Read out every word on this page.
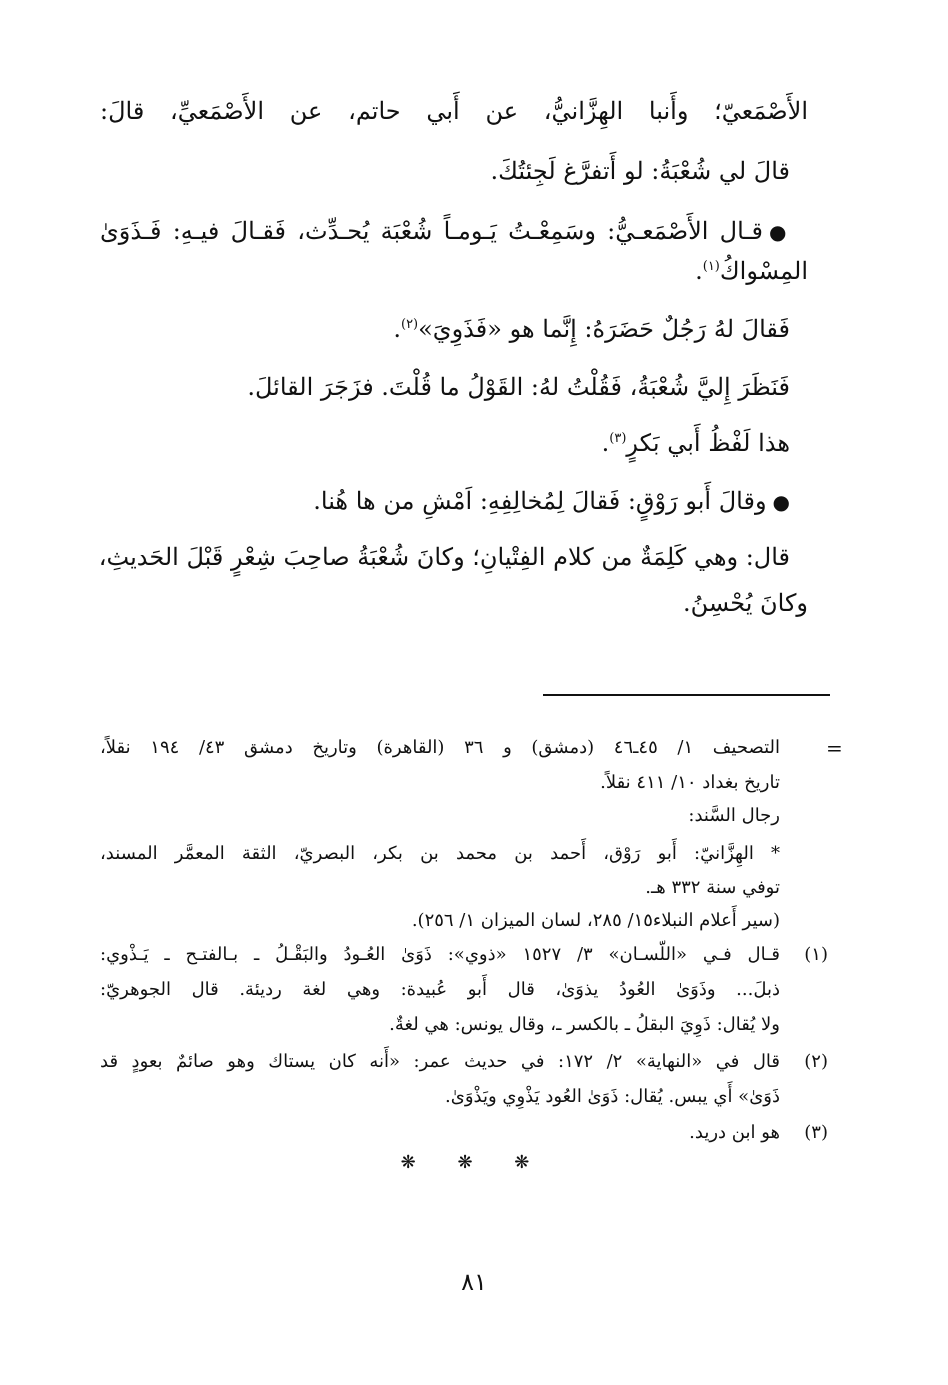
الأَصْمَعيّ؛ وأَنبا الهِزَّانيُّ، عن أَبي حاتم، عن الأَصْمَعيِّ، قالَ:
قالَ لي شُعْبَةُ: لو أَتفرَّغ لَجِئتُكَ.
●قـال الأَصْمَعـيُّ: وسَمِعْـتُ يَـومـاً شُعْبَة يُحـدِّث، فَقـالَ فيـهِ: فَـذَوَىٰ
المِسْواكُ$^{(١)}$.
فَقالَ لهُ رَجُلٌ حَضَرَهُ: إِنَّما هو «فَذَوِيَ»$^{(٢)}$.
فَنَظَرَ إِليَّ شُعْبَةُ، فَقُلْتُ لهُ: القَوْلُ ما قُلْتَ. فزَجَرَ القائلَ.
هذا لَفْظُ أَبي بَكرٍ$^{(٣)}$.
●وقالَ أَبو رَوْقٍ: فَقالَ لِمُخالِفِهِ: اَمْشِ من ها هُنا.
قال: وهي كَلِمَةٌ من كلام الفِتْيانِ؛ وكانَ شُعْبَةُ صاحِبَ شِعْرٍ قَبْلَ الحَديثِ،
وكانَ يُحْسِنُ.
=
التصحيف ١/ ٤٥ـ٤٦ (دمشق) و ٣٦ (القاهرة) وتاريخ دمشق ٤٣/ ١٩٤ نقلاً،
تاريخ بغداد ١٠/ ٤١١ نقلاً.
رجال السَّند:
* الهِزَّانيّ: أَبو رَوْق، أَحمد بن محمد بن بكر، البصريّ، الثقة المعمَّر المسند،
توفي سنة ٣٣٢ هـ.
(سير أَعلام النبلاء١٥/ ٢٨٥، لسان الميزان ١/ ٢٥٦).
(١)
قـال فـي «اللّسـان» ٣/ ١٥٢٧ «ذوي»: ذَوَىٰ العُـودُ والبَقْـلُ ـ بـالفتـح ـ يَـذْوي:
ذبلَ... وذَوَىٰ العُودُ يذوَىٰ، قال أَبو عُبيدة: وهي لغة رديئة. قال الجوهريّ:
ولا يُقال: ذَوِيَ البقلُ ـ بالكسر ـ، وقال يونس: هي لغةٌ.
(٢)
قال في «النهاية» ٢/ ١٧٢: في حديث عمر: «أَنه كان يستاك وهو صائمٌ بعودٍ قد
ذَوَىٰ» أَي يبس. يُقال: ذَوَىٰ العُود يَذْوِي ويَذْوَىٰ.
(٣)
هو ابن دريد.
❋ ❋ ❋
٨١
